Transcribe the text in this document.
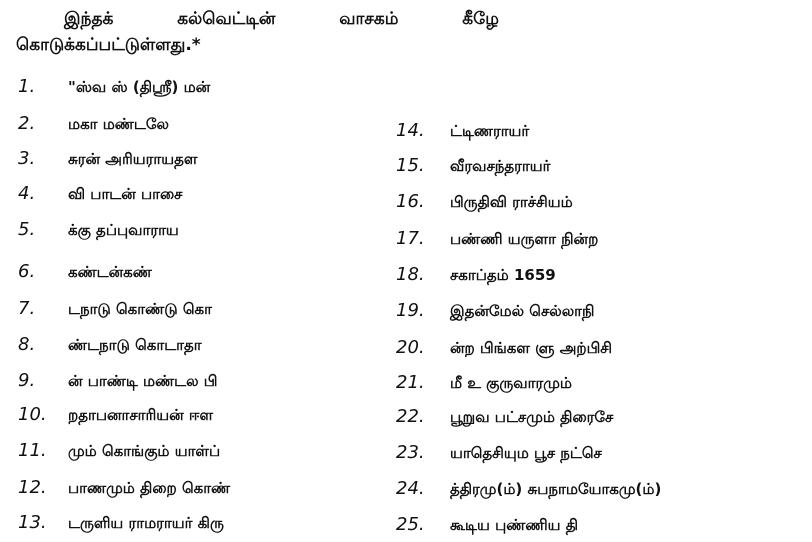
இந்தக் கல்வெட்டின் வாசகம் கீழே
கொடுக்கப்பட்டுள்ளது.*
1.	"ஸ்வ ஸ் (திஸ்ரீ) மன்
2.	மகா மண்டலே
3.	சுரன் அரியராயதள
4.	வி பாடன் பாசை
5.	க்கு தப்புவாராய
6.	கண்டன்கண்
7.	டநாடு கொண்டு கொ
8.	ண்டநாடு கொடாதா
9.	ன் பாண்டி மண்டல பி
10.	றதாபனாசாரியன் ஈள
11.	மும் கொங்கும் யாள்ப்
12.	பாணமும் திறை கொண்
13.	டருளிய ராமராயர் கிரு
14.	ட்டிணராயர்
15.	வீரவசந்தராயர்
16.	பிருதிவி ராச்சியம்
17.	பண்ணி யருளா நின்ற
18.	சகாப்தம் 1659
19.	இதன்மேல் செல்லாநி
20.	ன்ற பிங்கள ளு அற்பிசி
21.	மீ உ குருவாரமும்
22.	பூறுவ பட்சமும் திரைசே
23.	யாதெசியும பூச நட்செ
24.	த்திரமு(ம்) சுபநாமயோகமு(ம்)
25.	கூடிய புண்ணிய தி
